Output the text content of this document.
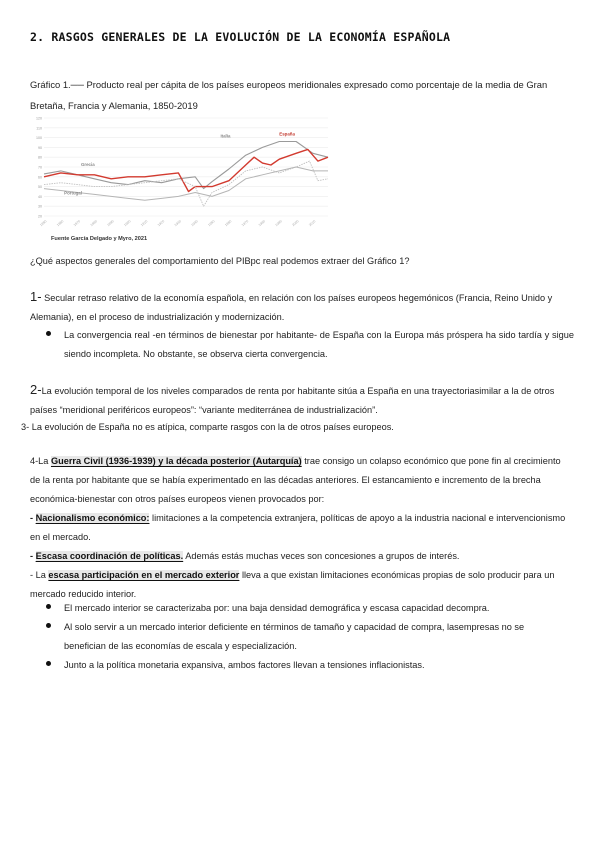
2. RASGOS GENERALES DE LA EVOLUCIÓN DE LA ECONOMÍA ESPAÑOLA
Gráfico 1.── Producto real per cápita de los países europeos meridionales expresado como porcentaje de la media de Gran Bretaña, Francia y Alemania, 1850-2019
120
110
100
90
80
70
60
50
40
30
20
1850 1860 1870 1880 1890 1900 1910 1920 1930 1940 1950 1960 1970 1980 1990 2000 2010
Italia	España
Grecia
Portugal
Fuente García Delgado y Myro, 2021
¿Qué aspectos generales del comportamiento del PIBpc real podemos extraer del Gráfico 1?
1- Secular retraso relativo de la economía española, en relación con los países europeos hegemónicos (Francia, Reino Unido y Alemania), en el proceso de industrialización y modernización.
La convergencia real -en términos de bienestar por habitante- de España con la Europa más próspera ha sido tardía y sigue siendo incompleta. No obstante, se observa cierta convergencia.
2-La evolución temporal de los niveles comparados de renta por habitante sitúa a España en una trayectoriasimilar a la de otros países “meridional periféricos europeos”: “variante mediterránea de industrialización”.
3- La evolución de España no es atípica, comparte rasgos con la de otros países europeos.
4-La Guerra Civil (1936-1939) y la década posterior (Autarquía) trae consigo un colapso económico que pone fin al crecimiento de la renta por habitante que se había experimentado en las décadas anteriores. El estancamiento e incremento de la brecha económica-bienestar con otros países europeos vienen provocados por:
- Nacionalismo económico: limitaciones a la competencia extranjera, políticas de apoyo a la industria nacional e intervencionismo en el mercado.
- Escasa coordinación de políticas. Además estás muchas veces son concesiones a grupos de interés.
- La escasa participación en el mercado exterior lleva a que existan limitaciones económicas propias de solo producir para un mercado reducido interior.
El mercado interior se caracterizaba por: una baja densidad demográfica y escasa capacidad decompra.
Al solo servir a un mercado interior deficiente en términos de tamaño y capacidad de compra, lasempresas no se benefician de las economías de escala y especialización.
Junto a la política monetaria expansiva, ambos factores llevan a tensiones inflacionistas.
